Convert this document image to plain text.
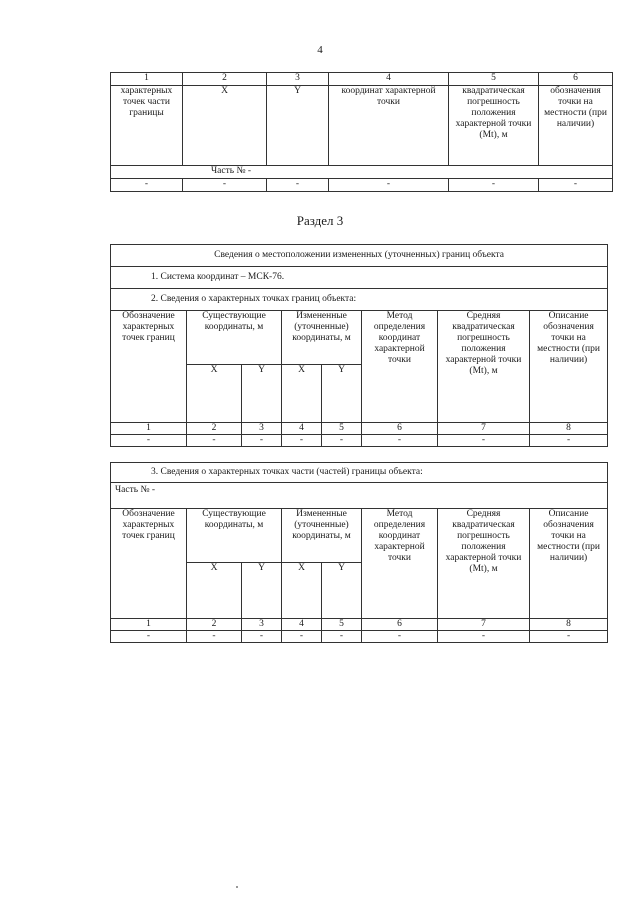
4
1	2	3	4	5	6
характерных точек части границы	X	Y	координат характерной точки	квадратическая погрешность положения характерной точки (Mt), м	обозначения точки на местности (при наличии)
Часть № -					
-	-	-	-	-	-
Раздел 3
Сведения о местоположении измененных (уточненных) границ объекта							
1. Система координат – МСК-76.							
2. Сведения о характерных точках границ объекта:							
Обозначение характерных точек границ	Существующие координаты, м		Измененные (уточненные) координаты, м		Метод определения координат характерной точки	Средняя квадратическая погрешность положения характерной точки (Mt), м	Описание обозначения точки на местности (при наличии)
	X	Y	X	Y			
1	2	3	4	5	6	7	8
-	-	-	-	-	-	-	-
3. Сведения о характерных точках части (частей) границы объекта:							
Часть № -							
Обозначение характерных точек границ	Существующие координаты, м		Измененные (уточненные) координаты, м		Метод определения координат характерной точки	Средняя квадратическая погрешность положения характерной точки (Mt), м	Описание обозначения точки на местности (при наличии)
	X	Y	X	Y			
1	2	3	4	5	6	7	8
-	-	-	-	-	-	-	-
